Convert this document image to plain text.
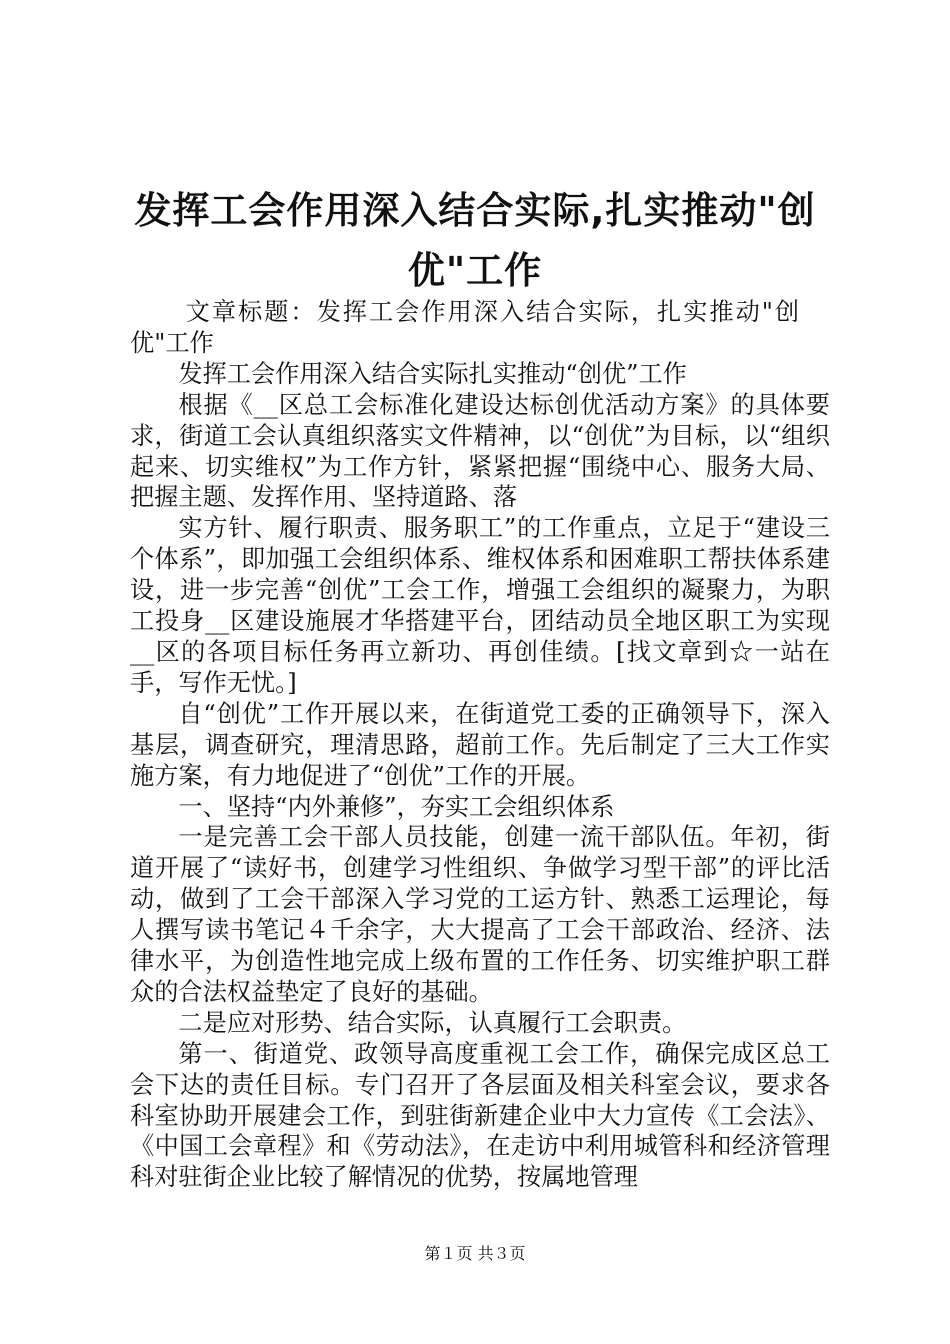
发挥工会作用深入结合实际,扎实推动"创
优"工作

文章标题：发挥工会作用深入结合实际，扎实推动"创

优"工作

发挥工会作用深入结合实际扎实推动“创优”工作

根据《__区总工会标准化建设达标创优活动方案》的具体要求，街道工会认真组织落实文件精神，以“创优”为目标，以“组织起来、切实维权”为工作方针，紧紧把握“围绕中心、服务大局、把握主题、发挥作用、坚持道路、落

实方针、履行职责、服务职工”的工作重点，立足于“建设三个体系”，即加强工会组织体系、维权体系和困难职工帮扶体系建设，进一步完善“创优”工会工作，增强工会组织的凝聚力，为职工投身__区建设施展才华搭建平台，团结动员全地区职工为实现__区的各项目标任务再立新功、再创佳绩。[找文章到☆一站在手，写作无忧。]

自“创优”工作开展以来，在街道党工委的正确领导下，深入基层，调查研究，理清思路，超前工作。先后制定了三大工作实施方案，有力地促进了“创优”工作的开展。

一、坚持“内外兼修”，夯实工会组织体系

一是完善工会干部人员技能，创建一流干部队伍。年初，街道开展了“读好书，创建学习性组织、争做学习型干部”的评比活动，做到了工会干部深入学习党的工运方针、熟悉工运理论，每人撰写读书笔记４千余字，大大提高了工会干部政治、经济、法律水平，为创造性地完成上级布置的工作任务、切实维护职工群众的合法权益垫定了良好的基础。

二是应对形势、结合实际，认真履行工会职责。

第一、街道党、政领导高度重视工会工作，确保完成区总工会下达的责任目标。专门召开了各层面及相关科室会议，要求各科室协助开展建会工作，到驻街新建企业中大力宣传《工会法》、《中国工会章程》和《劳动法》，在走访中利用城管科和经济管理科对驻街企业比较了解情况的优势，按属地管理

第１页 共３页
